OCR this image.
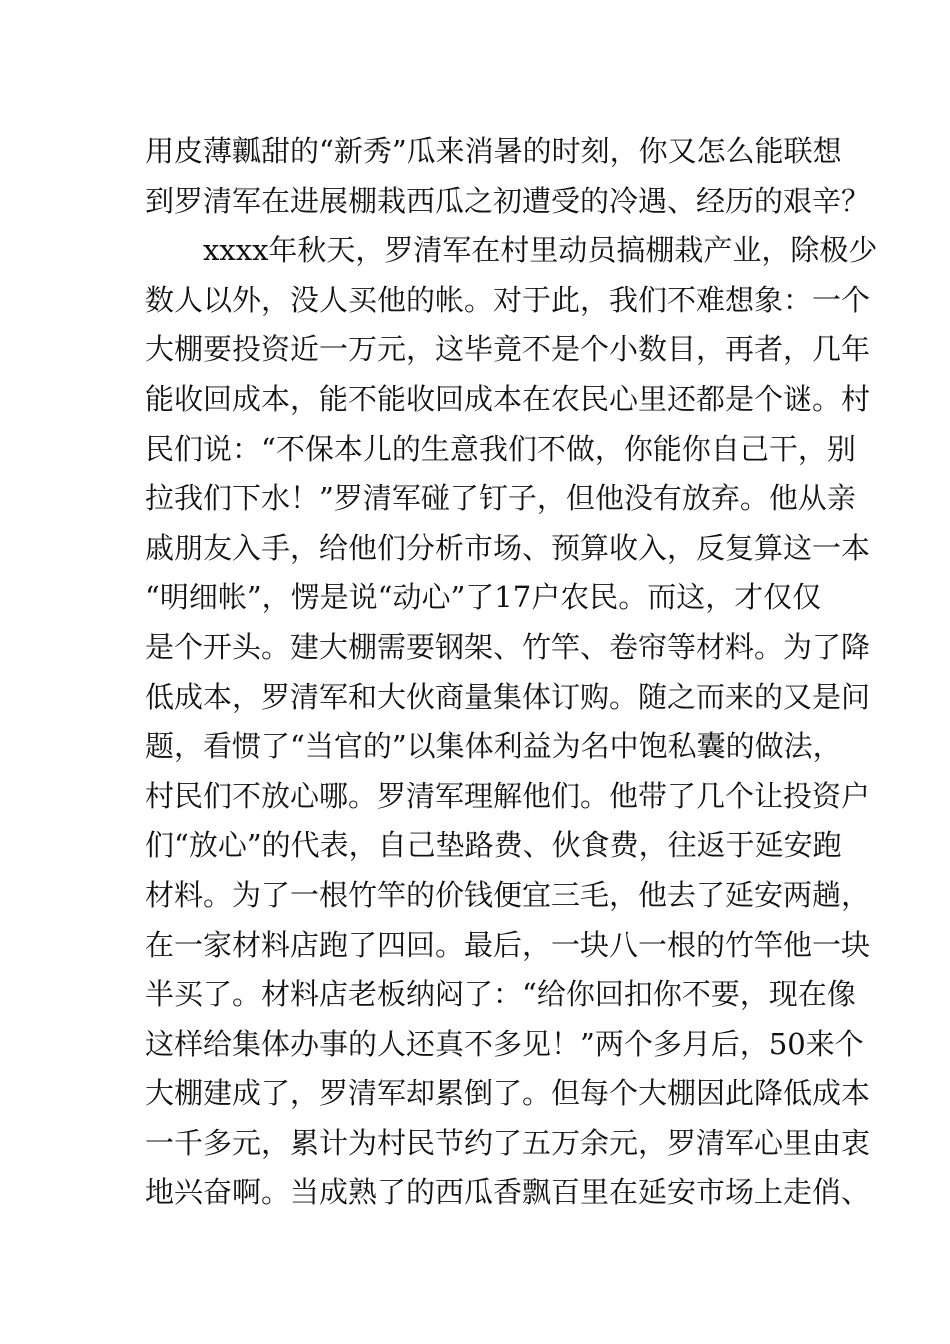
用皮薄瓤甜的“新秀”瓜来消暑的时刻，你又怎么能联想
到罗清军在进展棚栽西瓜之初遭受的冷遇、经历的艰辛？
xxxx年秋天，罗清军在村里动员搞棚栽产业，除极少
数人以外，没人买他的帐。对于此，我们不难想象：一个
大棚要投资近一万元，这毕竟不是个小数目，再者，几年
能收回成本，能不能收回成本在农民心里还都是个谜。村
民们说：“不保本儿的生意我们不做，你能你自己干，别
拉我们下水！”罗清军碰了钉子，但他没有放弃。他从亲
戚朋友入手，给他们分析市场、预算收入，反复算这一本
“明细帐”，愣是说“动心”了17户农民。而这，才仅仅
是个开头。建大棚需要钢架、竹竿、卷帘等材料。为了降
低成本，罗清军和大伙商量集体订购。随之而来的又是问
题，看惯了“当官的”以集体利益为名中饱私囊的做法，
村民们不放心哪。罗清军理解他们。他带了几个让投资户
们“放心”的代表，自己垫路费、伙食费，往返于延安跑
材料。为了一根竹竿的价钱便宜三毛，他去了延安两趟，
在一家材料店跑了四回。最后，一块八一根的竹竿他一块
半买了。材料店老板纳闷了：“给你回扣你不要，现在像
这样给集体办事的人还真不多见！”两个多月后，50来个
大棚建成了，罗清军却累倒了。但每个大棚因此降低成本
一千多元，累计为村民节约了五万余元，罗清军心里由衷
地兴奋啊。当成熟了的西瓜香飘百里在延安市场上走俏、
